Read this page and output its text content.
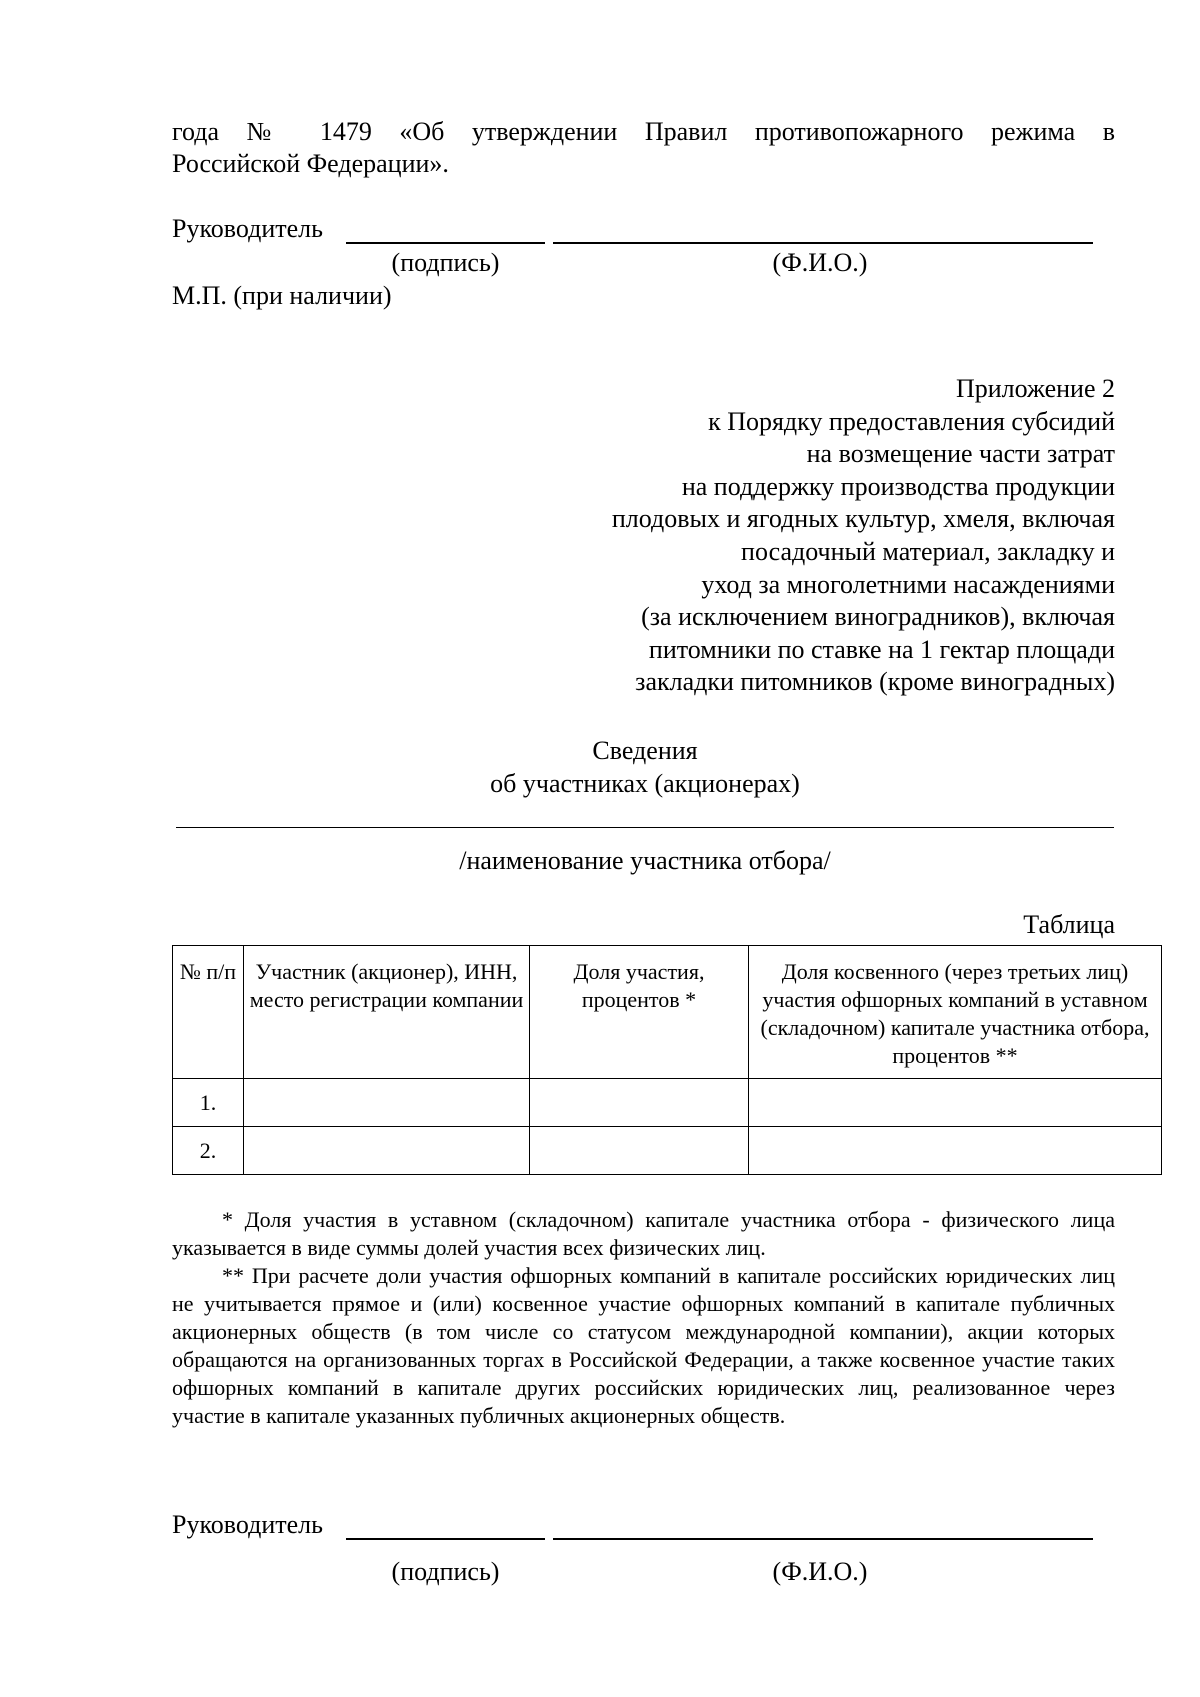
года № 1479 «Об утверждении Правил противопожарного режима в
Российской Федерации».
Руководитель
(подпись)	(Ф.И.О.)
М.П. (при наличии)
Приложение 2
к Порядку предоставления субсидий
на возмещение части затрат
на поддержку производства продукции
плодовых и ягодных культур, хмеля, включая
посадочный материал, закладку и
уход за многолетними насаждениями
(за исключением виноградников), включая
питомники по ставке на 1 гектар площади
закладки питомников (кроме виноградных)
Сведения
об участниках (акционерах)
/наименование участника отбора/
Таблица
№ п/п	Участник (акционер), ИНН, место регистрации компании	Доля участия, процентов *	Доля косвенного (через третьих лиц) участия офшорных компаний в уставном (складочном) капитале участника отбора, процентов **
1.			
2.			

* Доля участия в уставном (складочном) капитале участника отбора - физического лица указывается в виде суммы долей участия всех физических лиц.

** При расчете доли участия офшорных компаний в капитале российских юридических лиц не учитывается прямое и (или) косвенное участие офшорных компаний в капитале публичных акционерных обществ (в том числе со статусом международной компании), акции которых обращаются на организованных торгах в Российской Федерации, а также косвенное участие таких офшорных компаний в капитале других российских юридических лиц, реализованное через участие в капитале указанных публичных акционерных обществ.

Руководитель
(подпись)	(Ф.И.О.)
